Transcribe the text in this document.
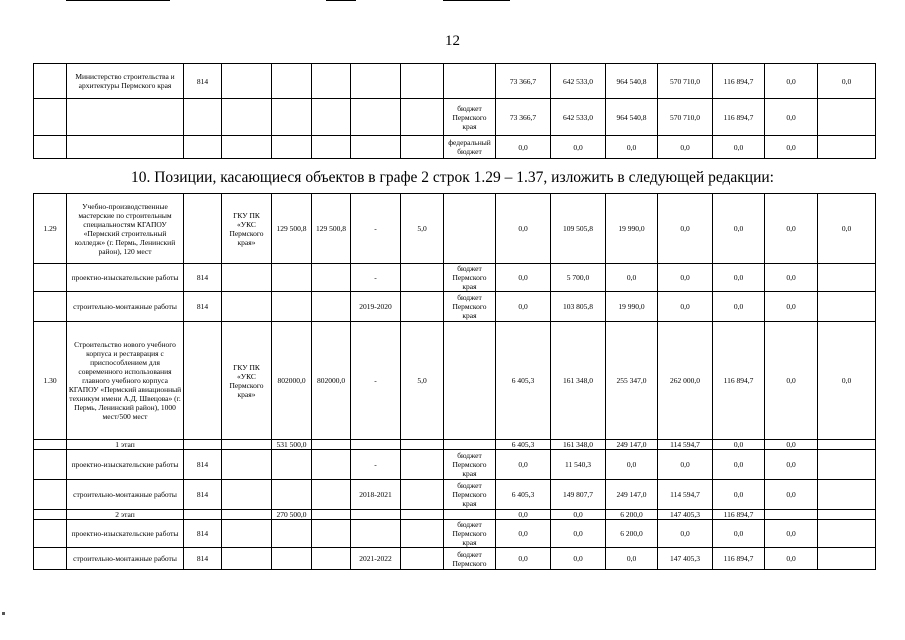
12
	Министерство строительства и архитектуры Пермского края	814							73 366,7	642 533,0	964 540,8	570 710,0	116 894,7	0,0	0,0
								бюджет Пермского края	73 366,7	642 533,0	964 540,8	570 710,0	116 894,7	0,0	
								федеральный бюджет	0,0	0,0	0,0	0,0	0,0	0,0	
10. Позиции, касающиеся объектов в графе 2 строк 1.29 – 1.37, изложить в следующей редакции:
1.29	Учебно-производственные мастерские по строительным специальностям КГАПОУ «Пермский строительный колледж» (г. Пермь, Ленинский район), 120 мест		ГКУ ПК «УКС Пермского края»	129 500,8	129 500,8	-	5,0		0,0	109 505,8	19 990,0	0,0	0,0	0,0	0,0
	проектно-изыскательские работы	814				-		бюджет Пермского края	0,0	5 700,0	0,0	0,0	0,0	0,0	
	строительно-монтажные работы	814				2019-2020		бюджет Пермского края	0,0	103 805,8	19 990,0	0,0	0,0	0,0	
1.30	Строительство нового учебного корпуса и реставрация с приспособлением для современного использования главного учебного корпуса КГАПОУ «Пермский авиационный техникум имени А.Д. Швецова» (г. Пермь, Ленинский район), 1000 мест/500 мест		ГКУ ПК «УКС Пермского края»	802000,0	802000,0	-	5,0		6 405,3	161 348,0	255 347,0	262 000,0	116 894,7	0,0	0,0
	1 этап			531 500,0					6 405,3	161 348,0	249 147,0	114 594,7	0,0	0,0	
	проектно-изыскательские работы	814				-		бюджет Пермского края	0,0	11 540,3	0,0	0,0	0,0	0,0	
	строительно-монтажные работы	814				2018-2021		бюджет Пермского края	6 405,3	149 807,7	249 147,0	114 594,7	0,0	0,0	
	2 этап			270 500,0					0,0	0,0	6 200,0	147 405,3	116 894,7		
	проектно-изыскательские работы	814						бюджет Пермского края	0,0	0,0	6 200,0	0,0	0,0	0,0	
	строительно-монтажные работы	814				2021-2022		бюджет Пермского	0,0	0,0	0,0	147 405,3	116 894,7	0,0	
